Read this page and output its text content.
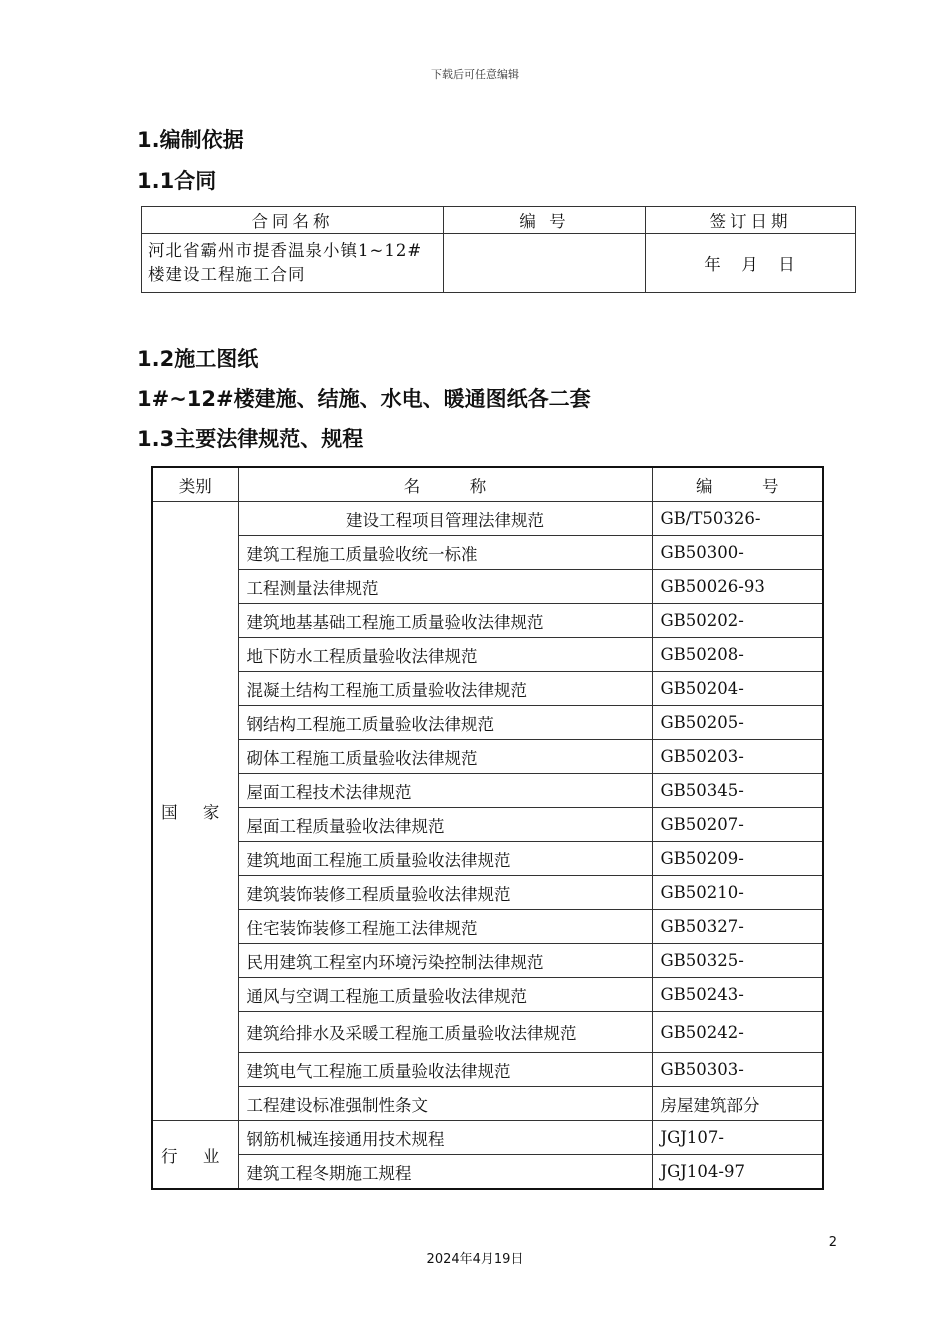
下载后可任意编辑
1.编制依据
1.1合同
合同名称	编 号	签订日期
河北省霸州市提香温泉小镇1~12#楼建设工程施工合同		年　月　日
1.2施工图纸
1#~12#楼建施、结施、水电、暖通图纸各二套
1.3主要法律规范、规程
类别	名　　　称	编　　　号
国 家	建设工程项目管理法律规范	GB/T50326-
	建筑工程施工质量验收统一标准	GB50300-
	工程测量法律规范	GB50026-93
	建筑地基基础工程施工质量验收法律规范	GB50202-
	地下防水工程质量验收法律规范	GB50208-
	混凝土结构工程施工质量验收法律规范	GB50204-
	钢结构工程施工质量验收法律规范	GB50205-
	砌体工程施工质量验收法律规范	GB50203-
	屋面工程技术法律规范	GB50345-
	屋面工程质量验收法律规范	GB50207-
	建筑地面工程施工质量验收法律规范	GB50209-
	建筑装饰装修工程质量验收法律规范	GB50210-
	住宅装饰装修工程施工法律规范	GB50327-
	民用建筑工程室内环境污染控制法律规范	GB50325-
	通风与空调工程施工质量验收法律规范	GB50243-
	建筑给排水及采暖工程施工质量验收法律规范	GB50242-
	建筑电气工程施工质量验收法律规范	GB50303-
	工程建设标准强制性条文	房屋建筑部分
行 业	钢筋机械连接通用技术规程	JGJ107-
	建筑工程冬期施工规程	JGJ104-97
2
2024年4月19日
